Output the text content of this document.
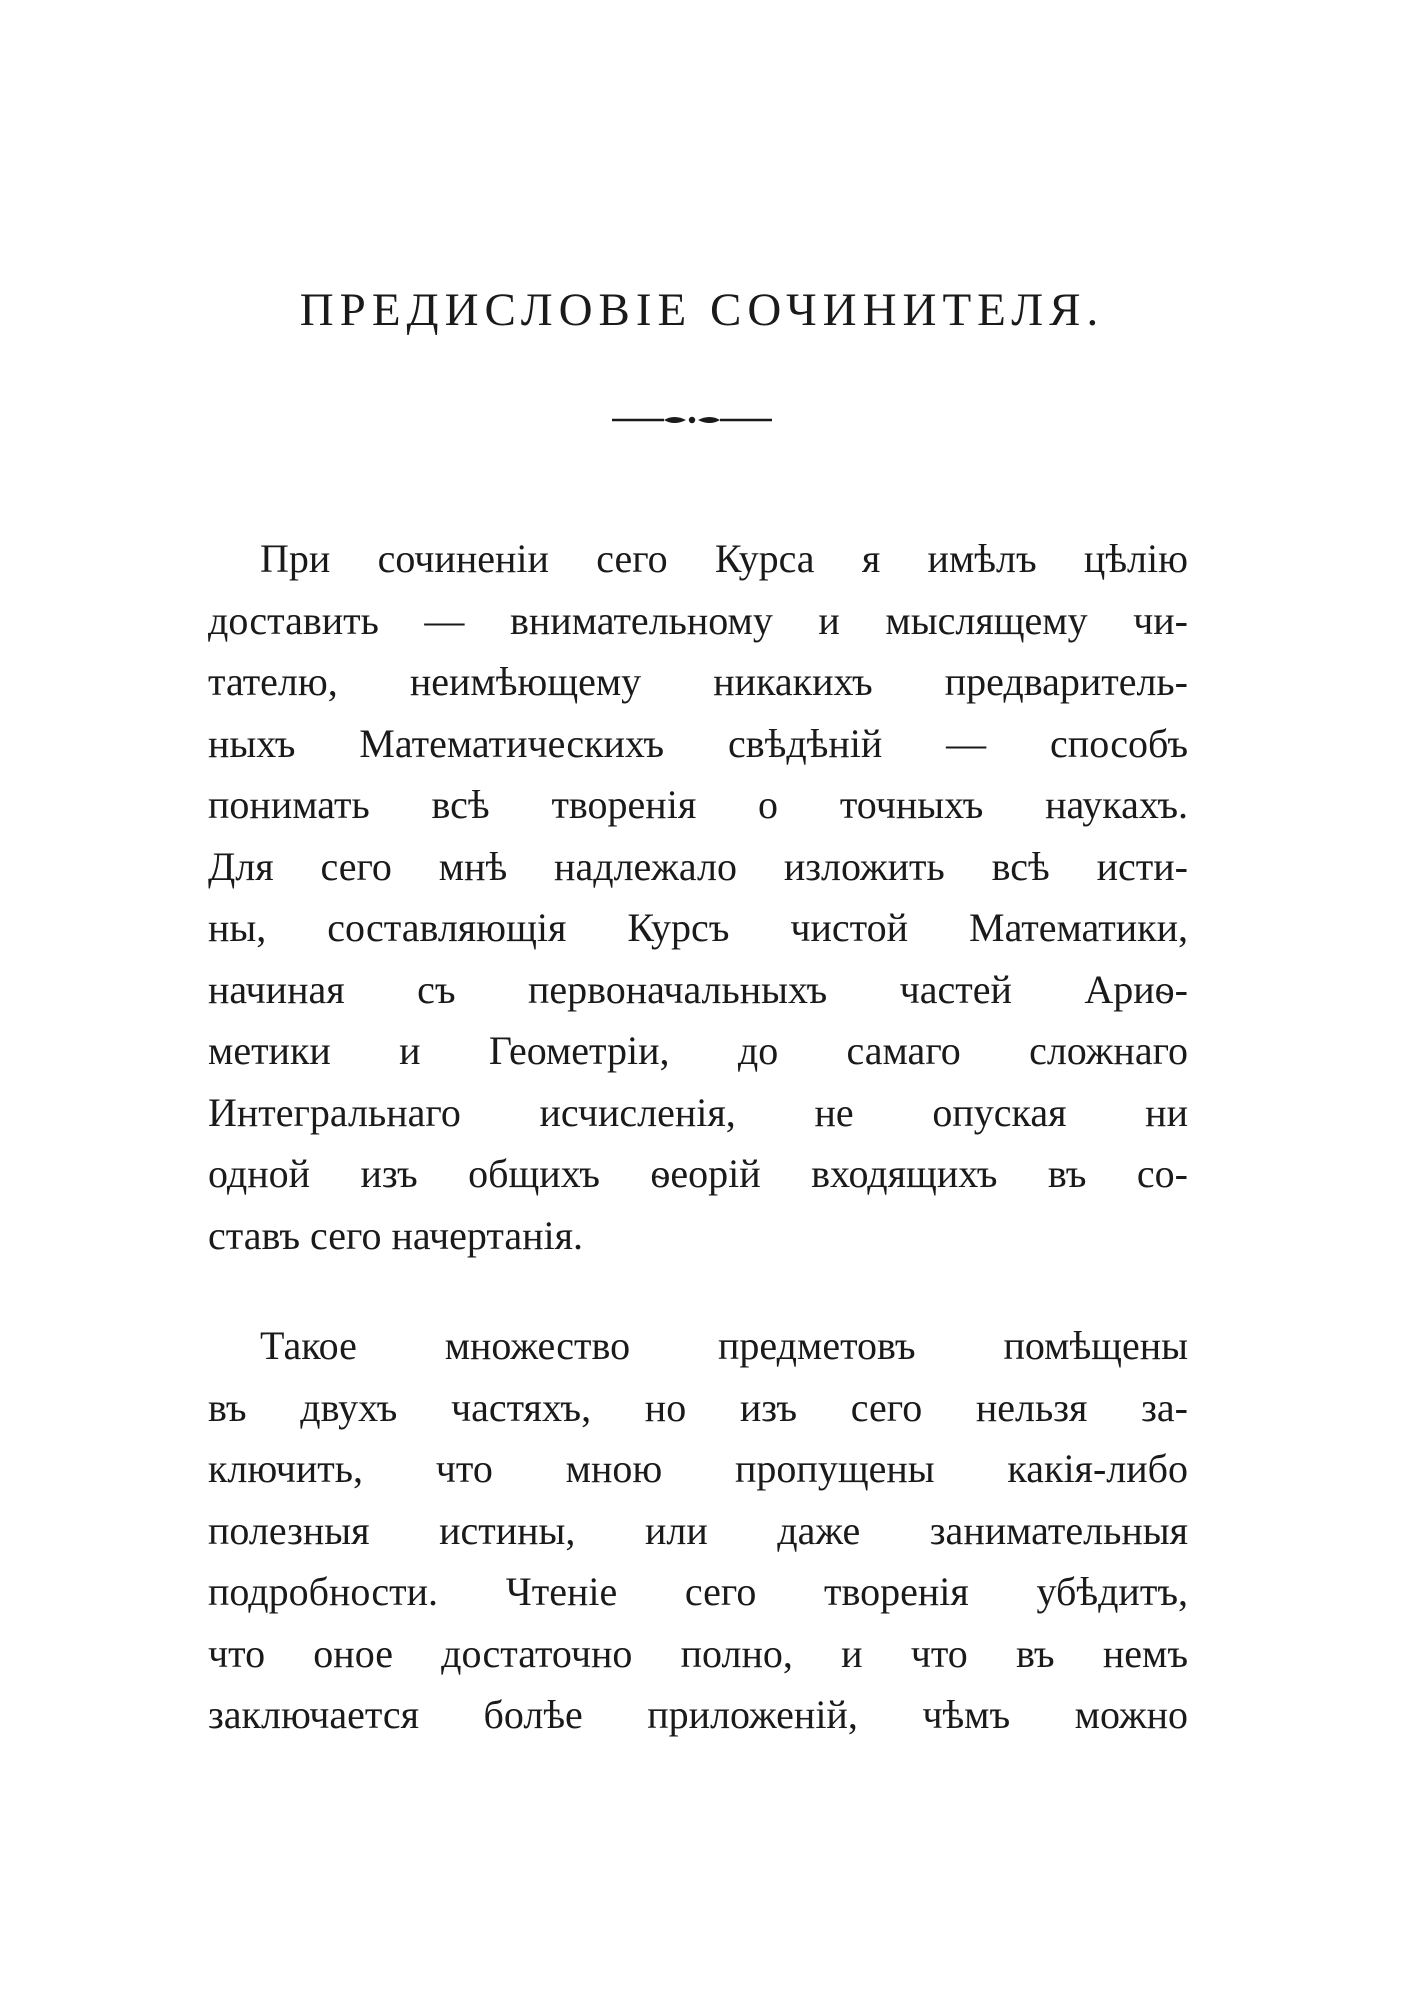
ПРЕДИСЛОВІЕ СОЧИНИТЕЛЯ.
При сочиненіи сего Курса я имѣлъ цѣлію
доставить — внимательному и мыслящему чи-
тателю, неимѣющему никакихъ предваритель-
ныхъ Математическихъ свѣдѣній — способъ
понимать всѣ творенія о точныхъ наукахъ.
Для сего мнѣ надлежало изложить всѣ исти-
ны, составляющія Курсъ чистой Математики,
начиная съ первоначальныхъ частей Ариѳ-
метики и Геометріи, до самаго сложнаго
Интегральнаго исчисленія, не опуская ни
одной изъ общихъ ѳеорій входящихъ въ со-
ставъ сего начертанія.
Такое множество предметовъ помѣщены
въ двухъ частяхъ, но изъ сего нельзя за-
ключить, что мною пропущены какія-либо
полезныя истины, или даже занимательныя
подробности. Чтеніе сего творенія убѣдитъ,
что оное достаточно полно, и что въ немъ
заключается болѣе приложеній, чѣмъ можно
